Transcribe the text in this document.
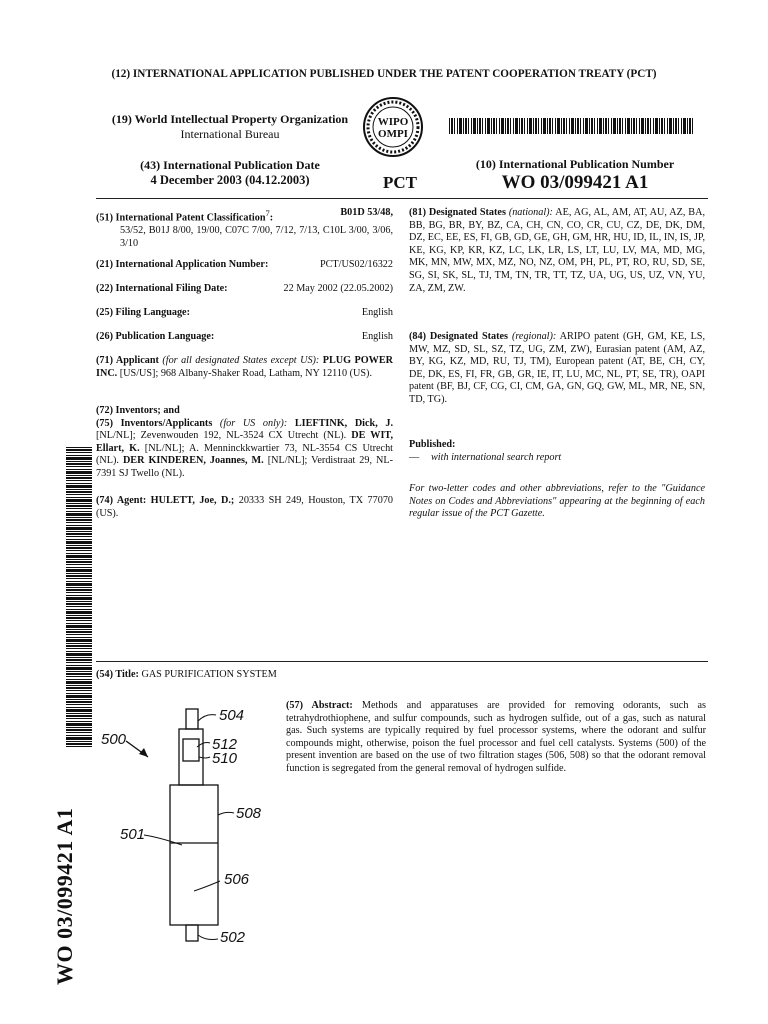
(12) INTERNATIONAL APPLICATION PUBLISHED UNDER THE PATENT COOPERATION TREATY (PCT)
(19) World Intellectual Property Organization
International Bureau
WIPO
OMPI
(43) International Publication Date
4 December 2003 (04.12.2003)	PCT
(10) International Publication Number
WO 03/099421 A1

(51) International Patent Classification$^7$:	B01D 53/48,

53/52, B01J 8/00, 19/00, C07C 7/00, 7/12, 7/13, C10L 3/00, 3/06, 3/10

(21) International Application Number:	PCT/US02/16322

(22) International Filing Date:	22 May 2002 (22.05.2002)

(25) Filing Language:	English

(26) Publication Language:	English

(71) Applicant (for all designated States except US): PLUG POWER INC. [US/US]; 968 Albany-Shaker Road, Latham, NY 12110 (US).

(72) Inventors; and

(75) Inventors/Applicants (for US only): LIEFTINK, Dick, J. [NL/NL]; Zevenwouden 192, NL-3524 CX Utrecht (NL). DE WIT, Ellart, K. [NL/NL]; A. Menninckkwartier 73, NL-3554 CS Utrecht (NL). DER KINDEREN, Joannes, M. [NL/NL]; Verdistraat 29, NL-7391 SJ Twello (NL).

(74) Agent: HULETT, Joe, D.; 20333 SH 249, Houston, TX 77070 (US).

(81) Designated States (national): AE, AG, AL, AM, AT, AU, AZ, BA, BB, BG, BR, BY, BZ, CA, CH, CN, CO, CR, CU, CZ, DE, DK, DM, DZ, EC, EE, ES, FI, GB, GD, GE, GH, GM, HR, HU, ID, IL, IN, IS, JP, KE, KG, KP, KR, KZ, LC, LK, LR, LS, LT, LU, LV, MA, MD, MG, MK, MN, MW, MX, MZ, NO, NZ, OM, PH, PL, PT, RO, RU, SD, SE, SG, SI, SK, SL, TJ, TM, TN, TR, TT, TZ, UA, UG, US, UZ, VN, YU, ZA, ZM, ZW.

(84) Designated States (regional): ARIPO patent (GH, GM, KE, LS, MW, MZ, SD, SL, SZ, TZ, UG, ZM, ZW), Eurasian patent (AM, AZ, BY, KG, KZ, MD, RU, TJ, TM), European patent (AT, BE, CH, CY, DE, DK, ES, FI, FR, GB, GR, IE, IT, LU, MC, NL, PT, SE, TR), OAPI patent (BF, BJ, CF, CG, CI, CM, GA, GN, GQ, GW, ML, MR, NE, SN, TD, TG).

Published:

— with international search report

For two-letter codes and other abbreviations, refer to the "Guidance Notes on Codes and Abbreviations" appearing at the beginning of each regular issue of the PCT Gazette.
WO 03/099421 A1

(54) Title: GAS PURIFICATION SYSTEM

(57) Abstract: Methods and apparatuses are provided for removing odorants, such as tetrahydrothiophene, and sulfur compounds, such as hydrogen sulfide, out of a gas, such as natural gas. Such systems are typically required by fuel processor systems, where the odorant and sulfur compounds might, otherwise, poison the fuel processor and fuel cell catalysts. Systems (500) of the present invention are based on the use of two filtration stages (506, 508) so that the odorant removal function is segregated from the general removal of hydrogen sulfide.

504
500	512
510
508
501
506
502
